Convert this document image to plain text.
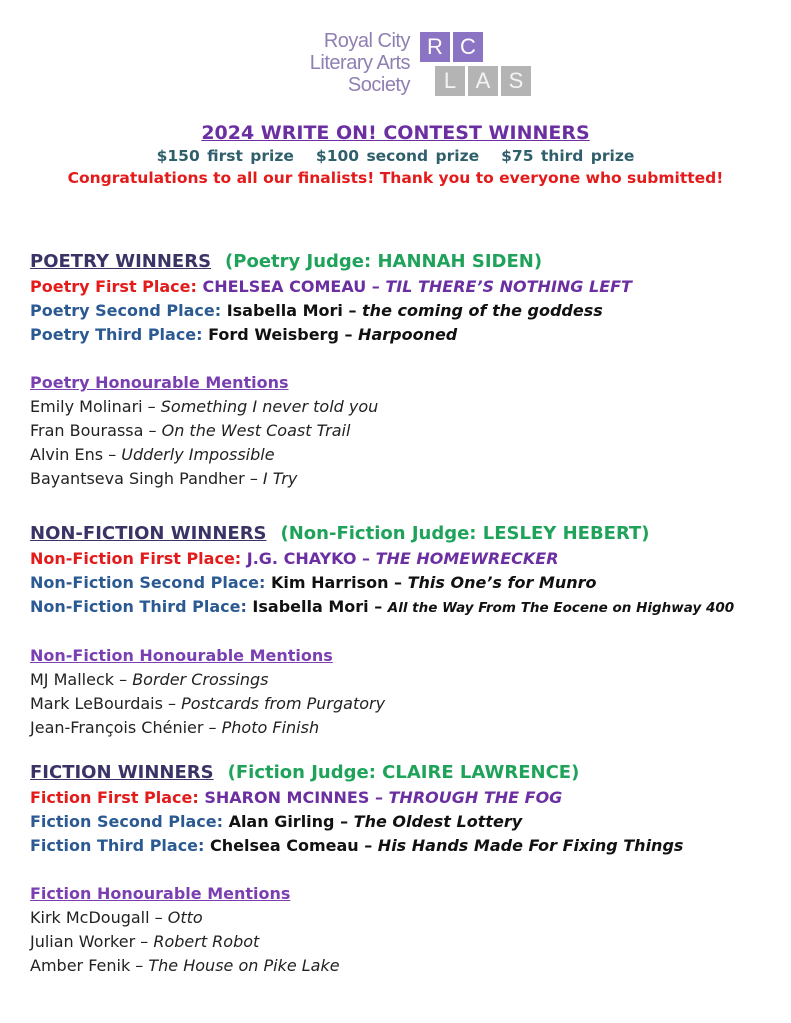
Royal City
Literary Arts
Society
R C
L A S
2024 WRITE ON! CONTEST WINNERS
$150 first prize $100 second prize $75 third prize
Congratulations to all our finalists! Thank you to everyone who submitted!
POETRY WINNERS (Poetry Judge: HANNAH SIDEN)
Poetry First Place: CHELSEA COMEAU – TIL THERE’S NOTHING LEFT
Poetry Second Place: Isabella Mori – the coming of the goddess
Poetry Third Place: Ford Weisberg – Harpooned
Poetry Honourable Mentions
Emily Molinari – Something I never told you
Fran Bourassa – On the West Coast Trail
Alvin Ens – Udderly Impossible
Bayantseva Singh Pandher – I Try
NON-FICTION WINNERS (Non-Fiction Judge: LESLEY HEBERT)
Non-Fiction First Place: J.G. CHAYKO – THE HOMEWRECKER
Non-Fiction Second Place: Kim Harrison – This One’s for Munro
Non-Fiction Third Place: Isabella Mori – All the Way From The Eocene on Highway 400
Non-Fiction Honourable Mentions
MJ Malleck – Border Crossings
Mark LeBourdais – Postcards from Purgatory
Jean-François Chénier – Photo Finish
FICTION WINNERS (Fiction Judge: CLAIRE LAWRENCE)
Fiction First Place: SHARON MCINNES – THROUGH THE FOG
Fiction Second Place: Alan Girling – The Oldest Lottery
Fiction Third Place: Chelsea Comeau – His Hands Made For Fixing Things
Fiction Honourable Mentions
Kirk McDougall – Otto
Julian Worker – Robert Robot
Amber Fenik – The House on Pike Lake
